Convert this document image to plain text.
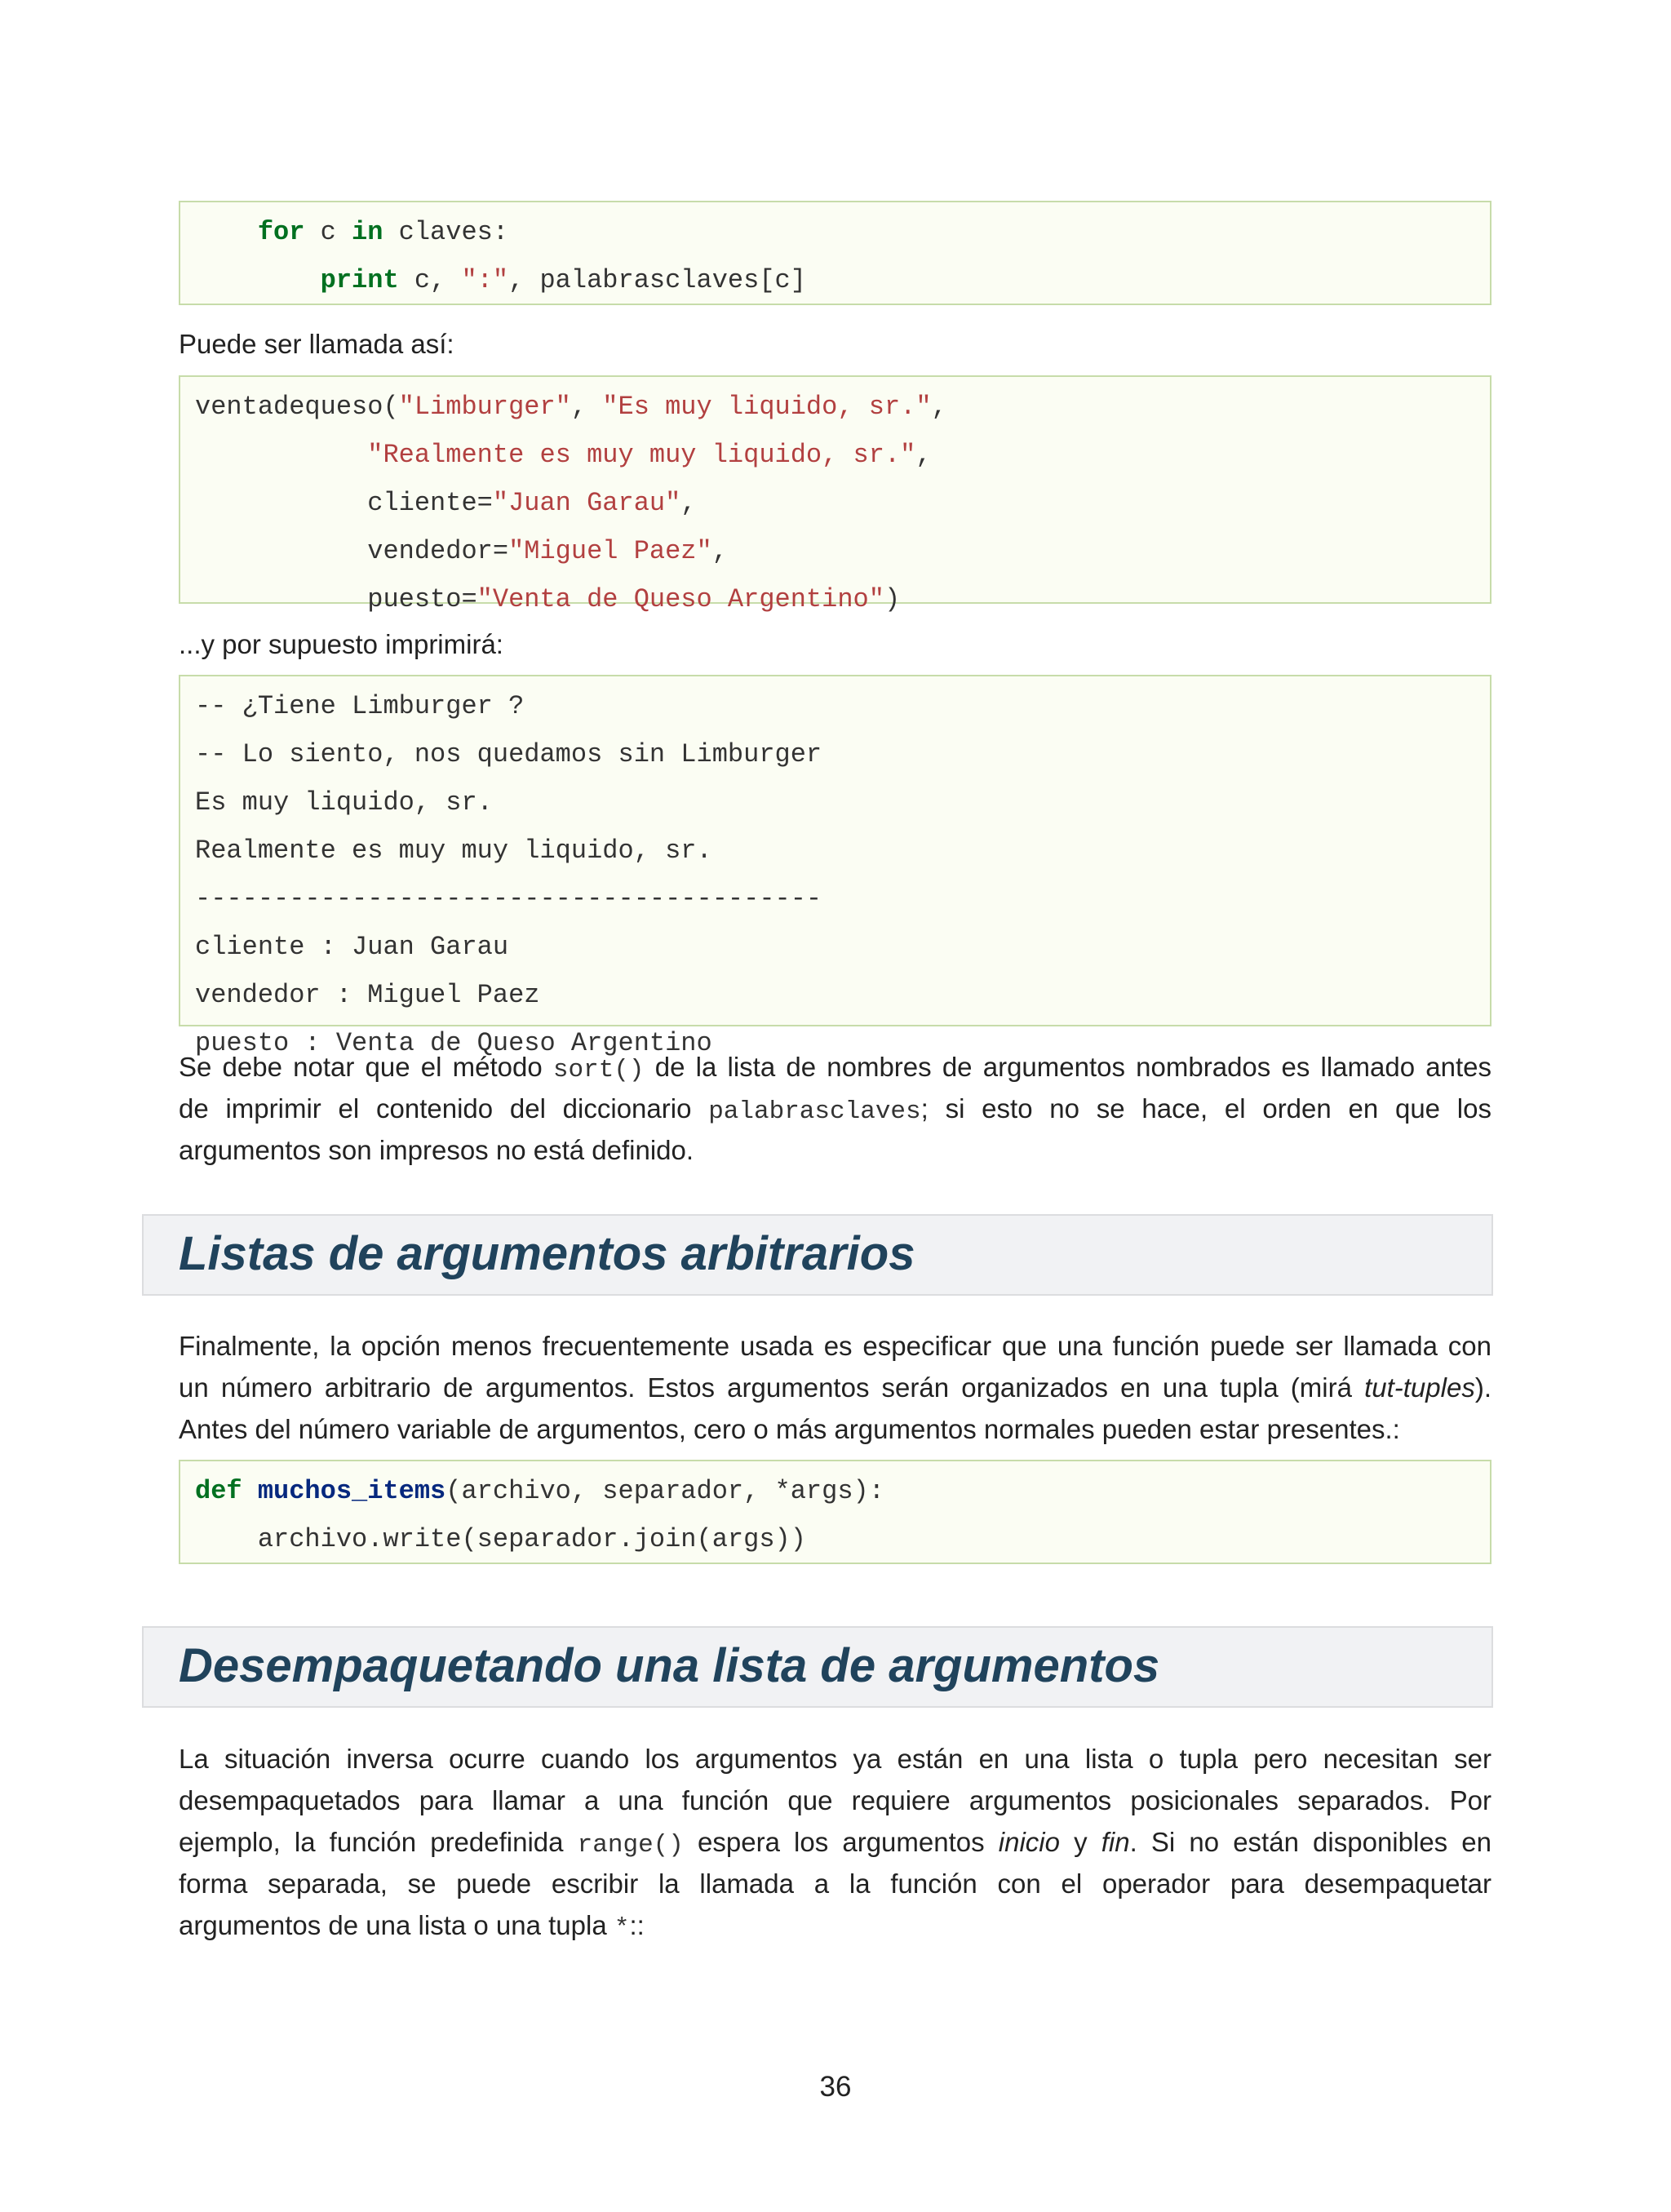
for c in claves:
print c, ":", palabrasclaves[c]

Puede ser llamada así:

ventadequeso("Limburger", "Es muy liquido, sr.",
"Realmente es muy muy liquido, sr.",
cliente="Juan Garau",
vendedor="Miguel Paez",
puesto="Venta de Queso Argentino")

...y por supuesto imprimirá:

-- ¿Tiene Limburger ?
-- Lo siento, nos quedamos sin Limburger
Es muy liquido, sr.
Realmente es muy muy liquido, sr.
----------------------------------------
cliente : Juan Garau
vendedor : Miguel Paez
puesto : Venta de Queso Argentino
Se debe notar que el método sort() de la lista de nombres de argumentos nombrados es llamado antes
de imprimir el contenido del diccionario palabrasclaves; si esto no se hace, el orden en que los
argumentos son impresos no está definido.
Listas de argumentos arbitrarios
Finalmente, la opción menos frecuentemente usada es especificar que una función puede ser llamada con
un número arbitrario de argumentos. Estos argumentos serán organizados en una tupla (mirá tut-tuples).
Antes del número variable de argumentos, cero o más argumentos normales pueden estar presentes.:
def muchos_items(archivo, separador, *args):
archivo.write(separador.join(args))
Desempaquetando una lista de argumentos
La situación inversa ocurre cuando los argumentos ya están en una lista o tupla pero necesitan ser
desempaquetados para llamar a una función que requiere argumentos posicionales separados. Por
ejemplo, la función predefinida range() espera los argumentos inicio y fin. Si no están disponibles en
forma separada, se puede escribir la llamada a la función con el operador para desempaquetar
argumentos de una lista o una tupla *::
36
